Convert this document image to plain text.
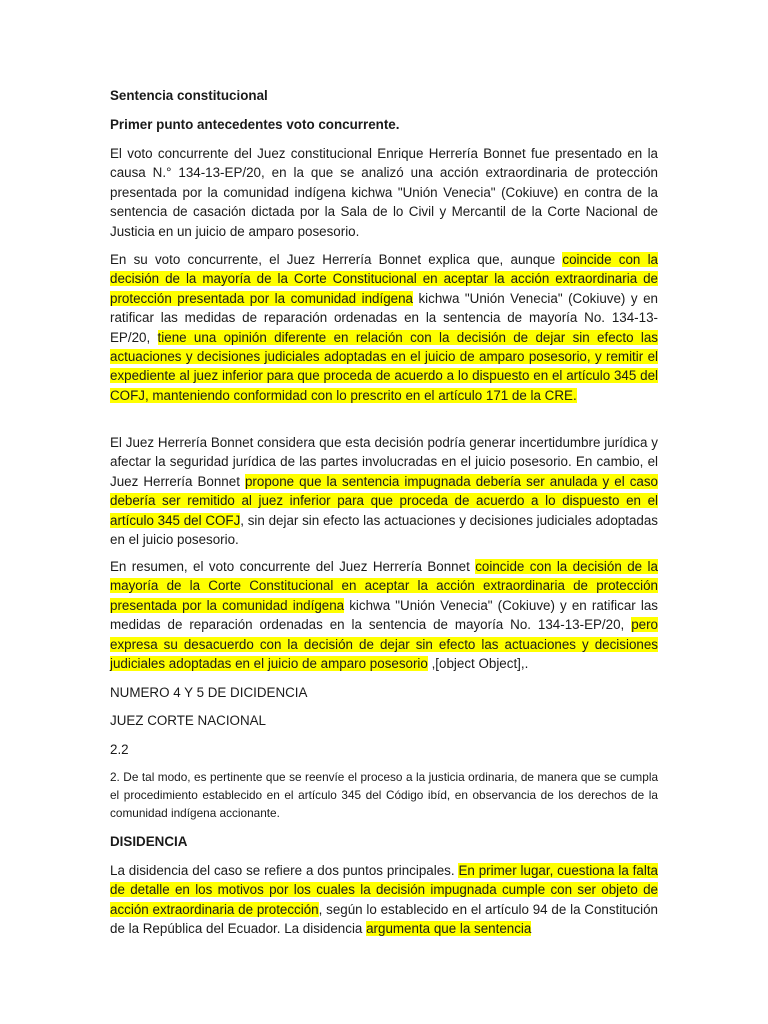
Sentencia constitucional

Primer punto antecedentes voto concurrente.

El voto concurrente del Juez constitucional Enrique Herrería Bonnet fue presentado en la causa N.° 134-13-EP/20, en la que se analizó una acción extraordinaria de protección presentada por la comunidad indígena kichwa "Unión Venecia" (Cokiuve) en contra de la sentencia de casación dictada por la Sala de lo Civil y Mercantil de la Corte Nacional de Justicia en un juicio de amparo posesorio.

En su voto concurrente, el Juez Herrería Bonnet explica que, aunque coincide con la decisión de la mayoría de la Corte Constitucional en aceptar la acción extraordinaria de protección presentada por la comunidad indígena kichwa "Unión Venecia" (Cokiuve) y en ratificar las medidas de reparación ordenadas en la sentencia de mayoría No. 134-13-EP/20, tiene una opinión diferente en relación con la decisión de dejar sin efecto las actuaciones y decisiones judiciales adoptadas en el juicio de amparo posesorio, y remitir el expediente al juez inferior para que proceda de acuerdo a lo dispuesto en el artículo 345 del COFJ, manteniendo conformidad con lo prescrito en el artículo 171 de la CRE.

El Juez Herrería Bonnet considera que esta decisión podría generar incertidumbre jurídica y afectar la seguridad jurídica de las partes involucradas en el juicio posesorio. En cambio, el Juez Herrería Bonnet propone que la sentencia impugnada debería ser anulada y el caso debería ser remitido al juez inferior para que proceda de acuerdo a lo dispuesto en el artículo 345 del COFJ, sin dejar sin efecto las actuaciones y decisiones judiciales adoptadas en el juicio posesorio.

En resumen, el voto concurrente del Juez Herrería Bonnet coincide con la decisión de la mayoría de la Corte Constitucional en aceptar la acción extraordinaria de protección presentada por la comunidad indígena kichwa "Unión Venecia" (Cokiuve) y en ratificar las medidas de reparación ordenadas en la sentencia de mayoría No. 134-13-EP/20, pero expresa su desacuerdo con la decisión de dejar sin efecto las actuaciones y decisiones judiciales adoptadas en el juicio de amparo posesorio ,[object Object],.

NUMERO 4 Y 5 DE DICIDENCIA

JUEZ CORTE NACIONAL

2.2

2. De tal modo, es pertinente que se reenvíe el proceso a la justicia ordinaria, de manera que se cumpla el procedimiento establecido en el artículo 345 del Código ibíd, en observancia de los derechos de la comunidad indígena accionante.

DISIDENCIA

La disidencia del caso se refiere a dos puntos principales. En primer lugar, cuestiona la falta de detalle en los motivos por los cuales la decisión impugnada cumple con ser objeto de acción extraordinaria de protección, según lo establecido en el artículo 94 de la Constitución de la República del Ecuador. La disidencia argumenta que la sentencia
